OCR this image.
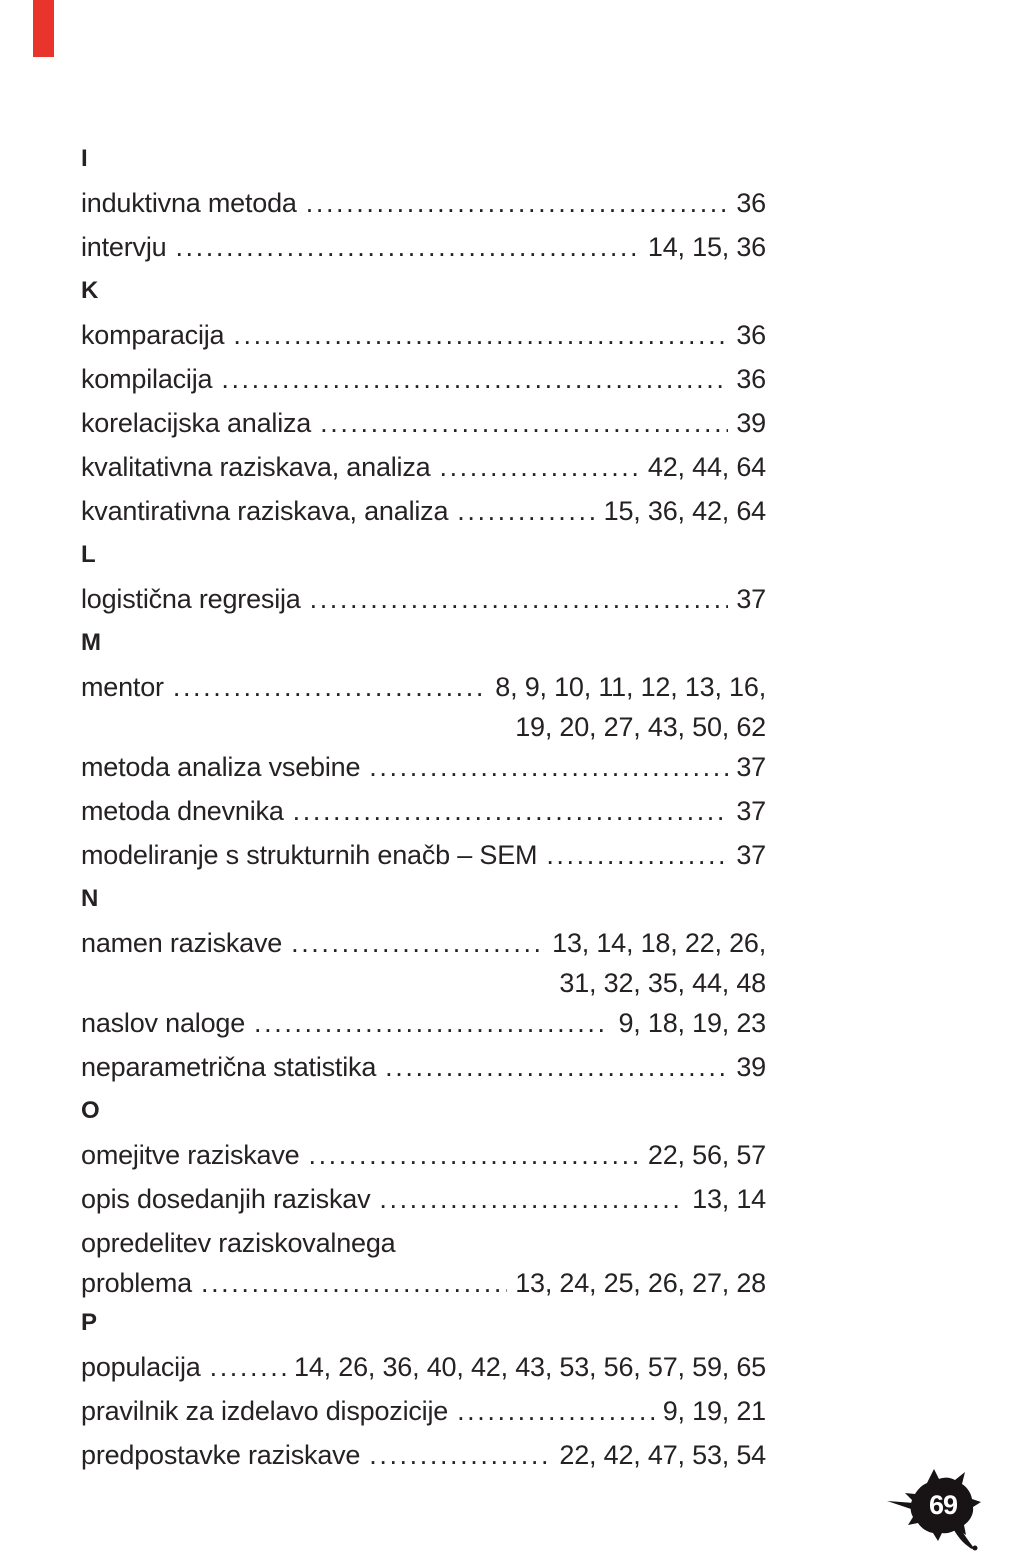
I
induktivna metoda .....	36
intervju .....	14, 15, 36
K
komparacija .....	36
kompilacija .....	36
korelacijska analiza .....	39
kvalitativna raziskava, analiza .....	42, 44, 64
kvantirativna raziskava, analiza .....	15, 36, 42, 64
L
logistična regresija .....	37
M
mentor .....	8, 9, 10, 11, 12, 13, 16,
19, 20, 27, 43, 50, 62
metoda analiza vsebine .....	37
metoda dnevnika .....	37
modeliranje s strukturnih enačb – SEM .....	37
N
namen raziskave .....	13, 14, 18, 22, 26,
31, 32, 35, 44, 48
naslov naloge .....	9, 18, 19, 23
neparametrična statistika .....	39
O
omejitve raziskave .....	22, 56, 57
opis dosedanjih raziskav .....	13, 14
opredelitev raziskovalnega
problema .....	13, 24, 25, 26, 27, 28
P
populacija .....	14, 26, 36, 40, 42, 43, 53, 56, 57, 59, 65
pravilnik za izdelavo dispozicije .....	9, 19, 21
predpostavke raziskave .....	22, 42, 47, 53, 54
69
